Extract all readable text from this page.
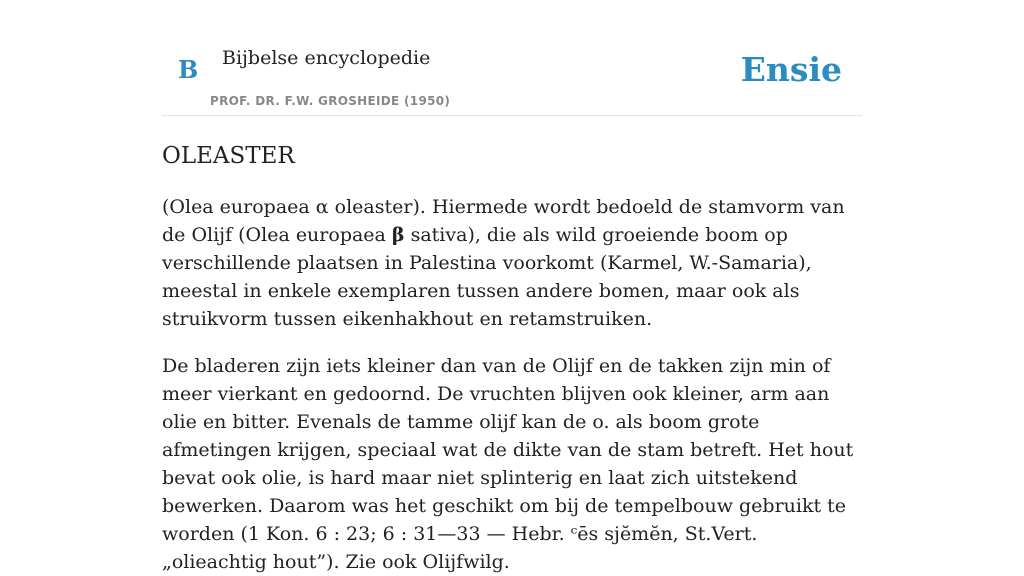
B Bijbelse encyclopedie
PROF. DR. F.W. GROSHEIDE (1950)
Ensie
OLEASTER

(Olea europaea α oleaster). Hiermede wordt bedoeld de stamvorm van de Olijf (Olea europaea β sativa), die als wild groeiende boom op verschillende plaatsen in Palestina voorkomt (Karmel, W.-Samaria), meestal in enkele exemplaren tussen andere bomen, maar ook als struikvorm tussen eikenhakhout en retamstruiken.

De bladeren zijn iets kleiner dan van de Olijf en de takken zijn min of meer vierkant en gedoornd. De vruchten blijven ook kleiner, arm aan olie en bitter. Evenals de tamme olijf kan de o. als boom grote afmetingen krijgen, speciaal wat de dikte van de stam betreft. Het hout bevat ook olie, is hard maar niet splinterig en laat zich uitstekend bewerken. Daarom was het geschikt om bij de tempelbouw gebruikt te worden (1 Kon. 6 : 23; 6 : 31—33 — Hebr. ᶜēs sjĕmĕn, St.Vert. „olieachtig hout”). Zie ook Olijfwilg.
